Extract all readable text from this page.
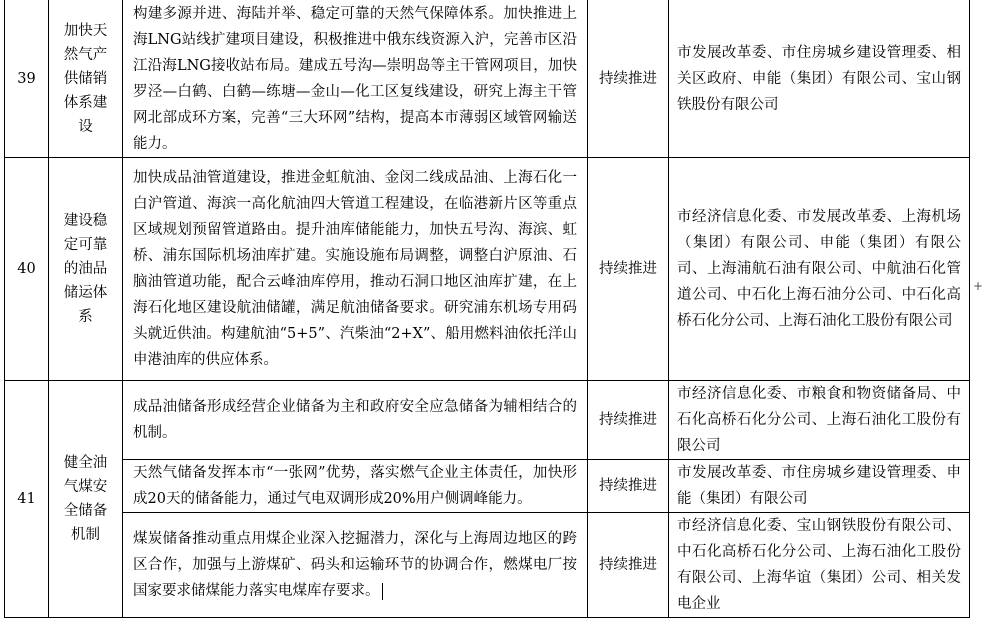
39	加快天然气产供储销体系建设	构建多源并进、海陆并举、稳定可靠的天然气保障体系。加快推进上海LNG站线扩建项目建设，积极推进中俄东线资源入沪，完善市区沿江沿海LNG接收站布局。建成五号沟—崇明岛等主干管网项目，加快罗泾—白鹤、白鹤—练塘—金山—化工区复线建设，研究上海主干管网北部成环方案，完善“三大环网”结构，提高本市薄弱区域管网输送能力。	持续推进	市发展改革委、市住房城乡建设管理委、相关区政府、申能（集团）有限公司、宝山钢铁股份有限公司
40	建设稳定可靠的油品储运体系	加快成品油管道建设，推进金虹航油、金闵二线成品油、上海石化一白沪管道、海滨一高化航油四大管道工程建设，在临港新片区等重点区域规划预留管道路由。提升油库储能能力，加快五号沟、海滨、虹桥、浦东国际机场油库扩建。实施设施布局调整，调整白沪原油、石脑油管道功能，配合云峰油库停用，推动石洞口地区油库扩建，在上海石化地区建设航油储罐，满足航油储备要求。研究浦东机场专用码头就近供油。构建航油“5+5”、汽柴油“2+X”、船用燃料油依托洋山申港油库的供应体系。	持续推进	市经济信息化委、市发展改革委、上海机场（集团）有限公司、申能（集团）有限公司、上海浦航石油有限公司、中航油石化管道公司、中石化上海石油分公司、中石化高桥石化分公司、上海石油化工股份有限公司
41	健全油气煤安全储备机制	成品油储备形成经营企业储备为主和政府安全应急储备为辅相结合的机制。	持续推进	市经济信息化委、市粮食和物资储备局、中石化高桥石化分公司、上海石油化工股份有限公司
		天然气储备发挥本市“一张网”优势，落实燃气企业主体责任，加快形成20天的储备能力，通过气电双调形成20%用户侧调峰能力。	持续推进	市发展改革委、市住房城乡建设管理委、申能（集团）有限公司
		煤炭储备推动重点用煤企业深入挖掘潜力，深化与上海周边地区的跨区合作，加强与上游煤矿、码头和运输环节的协调合作，燃煤电厂按国家要求储煤能力落实电煤库存要求。	持续推进	市经济信息化委、宝山钢铁股份有限公司、中石化高桥石化分公司、上海石油化工股份有限公司、上海华谊（集团）公司、相关发电企业
+
